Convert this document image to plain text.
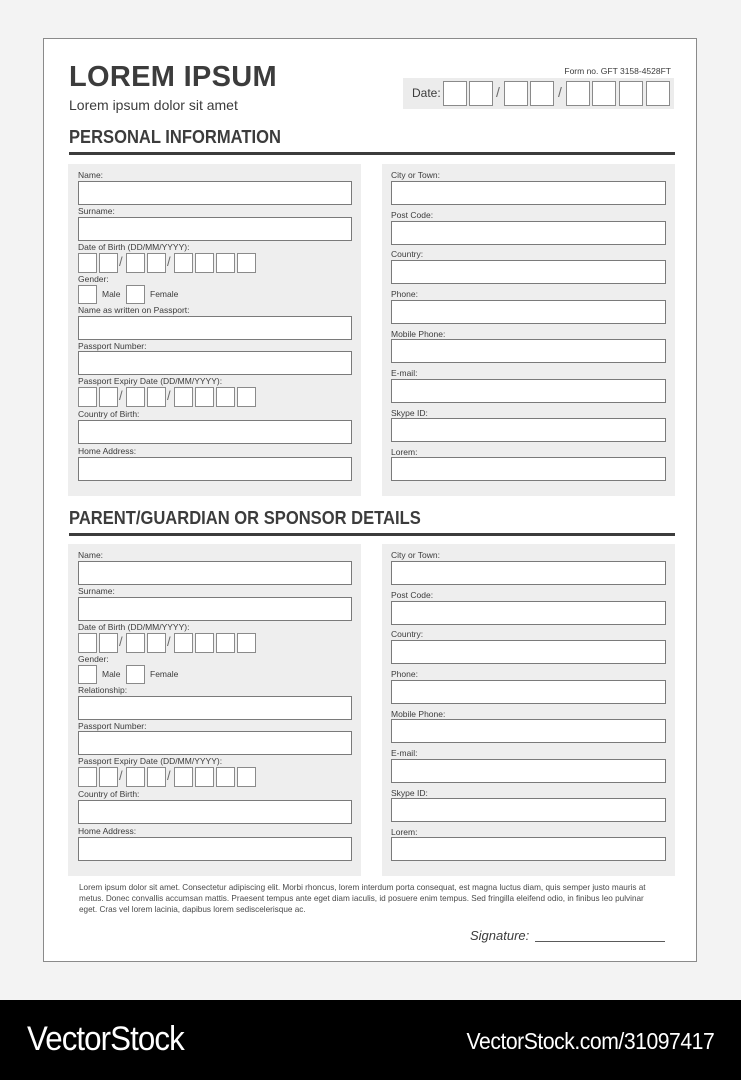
LOREM IPSUM
Lorem ipsum dolor sit amet
Form no. GFT 3158-4528FT
Date:	/	/
PERSONAL INFORMATION
Name:
Surname:
Date of Birth (DD/MM/YYYY):
/	/
Gender:
Male	Female
Name as written on Passport:
Passport Number:
Passport Expiry Date (DD/MM/YYYY):
/	/
Country of Birth:
Home Address:
City or Town:
Post Code:
Country:
Phone:
Mobile Phone:
E-mail:
Skype ID:
Lorem:
PARENT/GUARDIAN OR SPONSOR DETAILS
Name:
Surname:
Date of Birth (DD/MM/YYYY):
/	/
Gender:
Male	Female
Relationship:
Passport Number:
Passport Expiry Date (DD/MM/YYYY):
/	/
Country of Birth:
Home Address:
City or Town:
Post Code:
Country:
Phone:
Mobile Phone:
E-mail:
Skype ID:
Lorem:
Lorem ipsum dolor sit amet. Consectetur adipiscing elit. Morbi rhoncus, lorem interdum porta consequat, est magna luctus diam, quis semper justo mauris at metus. Donec convallis accumsan mattis. Praesent tempus ante eget diam iaculis, id posuere enim tempus. Sed fringilla eleifend odio, in finibus leo pulvinar eget. Cras vel lorem lacinia, dapibus lorem sediscelerisque ac.
Signature:
VectorStock	VectorStock.com/31097417
